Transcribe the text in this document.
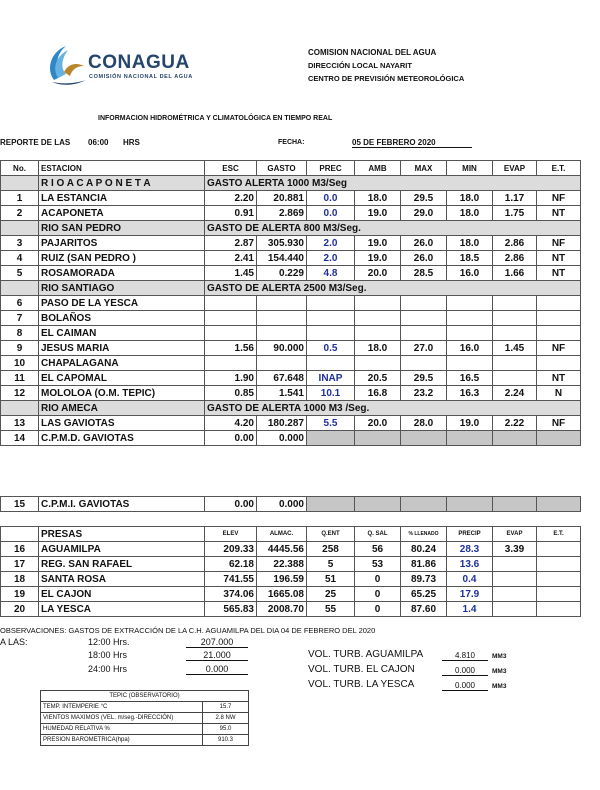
CONAGUA
COMISIÓN NACIONAL DEL AGUA
COMISION NACIONAL DEL AGUA
DIRECCIÓN LOCAL NAYARIT
CENTRO DE PREVISIÓN METEOROLÓGICA
INFORMACION HIDROMÉTRICA Y CLIMATOLÓGICA EN TIEMPO REAL
REPORTE DE LAS 06:00 HRS	FECHA:	05 DE FEBRERO 2020
No.	ESTACION	ESC	GASTO	PREC	AMB	MAX	MIN	EVAP	E.T.
	R I O A C A P O N E T A	GASTO ALERTA 1000 M3/Seg							
1	LA ESTANCIA	2.20	20.881	0.0	18.0	29.5	18.0	1.17	NF
2	ACAPONETA	0.91	2.869	0.0	19.0	29.0	18.0	1.75	NT
	RIO SAN PEDRO	GASTO DE ALERTA 800 M3/Seg.							
3	PAJARITOS	2.87	305.930	2.0	19.0	26.0	18.0	2.86	NF
4	RUIZ (SAN PEDRO )	2.41	154.440	2.0	19.0	26.0	18.5	2.86	NT
5	ROSAMORADA	1.45	0.229	4.8	20.0	28.5	16.0	1.66	NT
	RIO SANTIAGO	GASTO DE ALERTA 2500 M3/Seg.							
6	PASO DE LA YESCA								
7	BOLAÑOS								
8	EL CAIMAN								
9	JESUS MARIA	1.56	90.000	0.5	18.0	27.0	16.0	1.45	NF
10	CHAPALAGANA								
11	EL CAPOMAL	1.90	67.648	INAP	20.5	29.5	16.5		NT
12	MOLOLOA (O.M. TEPIC)	0.85	1.541	10.1	16.8	23.2	16.3	2.24	N
	RIO AMECA	GASTO DE ALERTA 1000 M3 /Seg.							
13	LAS GAVIOTAS	4.20	180.287	5.5	20.0	28.0	19.0	2.22	NF
14	C.P.M.D. GAVIOTAS	0.00	0.000						
15	C.P.M.I. GAVIOTAS	0.00	0.000						
	PRESAS	ELEV	ALMAC.	Q.ENT	Q. SAL	% LLENADO	PRECIP	EVAP	E.T.
16	AGUAMILPA	209.33	4445.56	258	56	80.24	28.3	3.39	
17	REG. SAN RAFAEL	62.18	22.388	5	53	81.86	13.6		
18	SANTA ROSA	741.55	196.59	51	0	89.73	0.4		
19	EL CAJON	374.06	1665.08	25	0	65.25	17.9		
20	LA YESCA	565.83	2008.70	55	0	87.60	1.4		
OBSERVACIONES: GASTOS DE EXTRACCIÓN DE LA C.H. AGUAMILPA DEL DIA 04 DE FEBRERO DEL 2020
A LAS:	12:00 Hrs.	207.000
18:00 Hrs	21.000
24:00 Hrs	0.000
VOL. TURB. AGUAMILPA	4.810	MM3
VOL. TURB. EL CAJON	0.000	MM3
VOL. TURB. LA YESCA	0.000	MM3
TEPIC (OBSERVATORIO)	
TEMP. INTEMPERIE °C	15.7
VIENTOS MAXIMOS (VEL. m/seg.-DIRECCIÓN)	2.8 NW
HUMEDAD RELATIVA %	95.0
PRESION BAROMETRICA(hpa)	910.3
